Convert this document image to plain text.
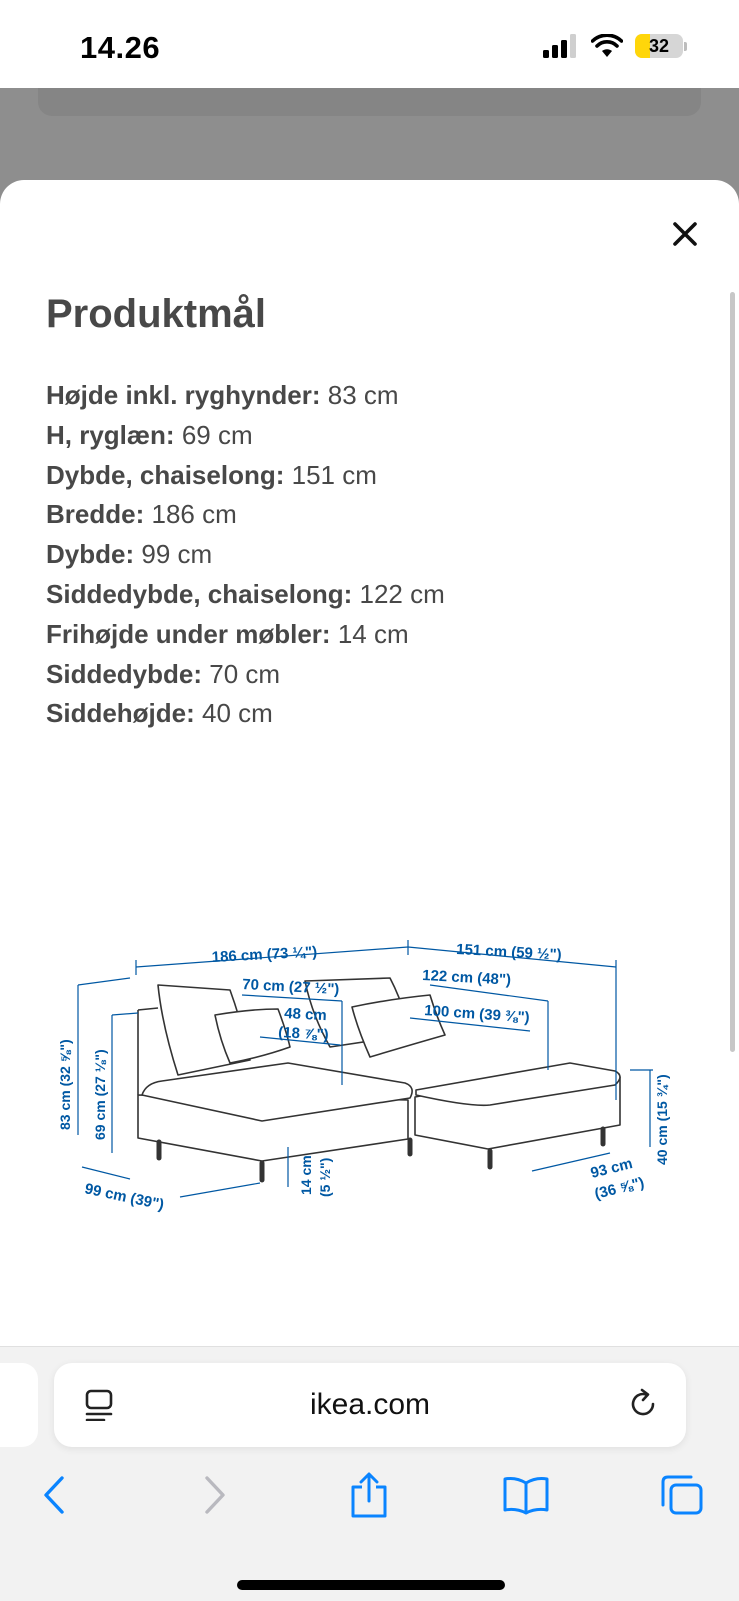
14.26	32
Produktmål
Højde inkl. ryghynder: 83 cm
H, ryglæn: 69 cm
Dybde, chaiselong: 151 cm
Bredde: 186 cm
Dybde: 99 cm
Siddedybde, chaiselong: 122 cm
Frihøjde under møbler: 14 cm
Siddedybde: 70 cm
Siddehøjde: 40 cm
186 cm (73 ¼")	151 cm (59 ½")
70 cm (27 ½")	122 cm (48")
48 cm
(18 ⅞")
100 cm (39 ⅜")
83 cm (32 ⅝") 69 cm (27 ⅛")	40 cm (15 ¾")
99 cm (39")
14 cm (5 ½")	93 cm
(36 ⅝")
ikea.com
